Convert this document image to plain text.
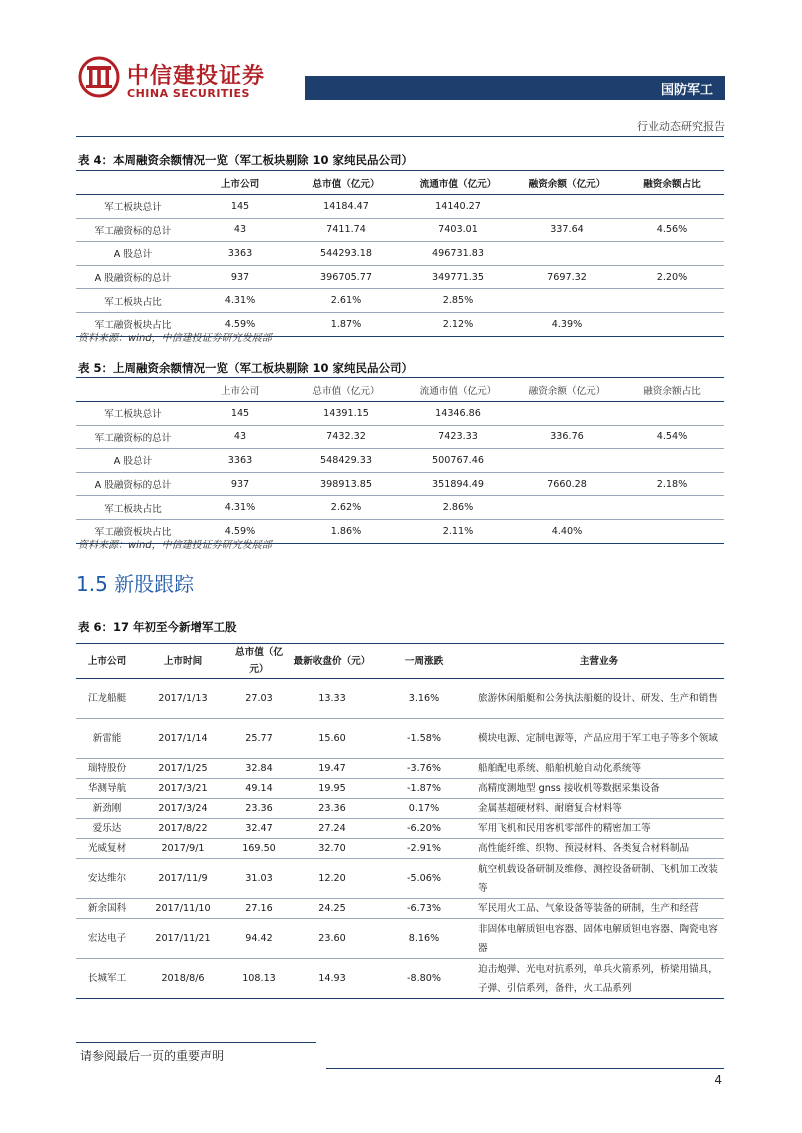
中信建投证券
CHINA SECURITIES	国防军工
行业动态研究报告
表 4：本周融资余额情况一览（军工板块剔除 10 家纯民品公司）
	上市公司	总市值（亿元）	流通市值（亿元）	融资余额（亿元）	融资余额占比
军工板块总计	145	14184.47	14140.27		
军工融资标的总计	43	7411.74	7403.01	337.64	4.56%
A 股总计	3363	544293.18	496731.83		
A 股融资标的总计	937	396705.77	349771.35	7697.32	2.20%
军工板块占比	4.31%	2.61%	2.85%		
军工融资板块占比	4.59%	1.87%	2.12%	4.39%	
资料来源：wind，中信建投证券研究发展部
表 5：上周融资余额情况一览（军工板块剔除 10 家纯民品公司）
	上市公司	总市值（亿元）	流通市值（亿元）	融资余额（亿元）	融资余额占比
军工板块总计	145	14391.15	14346.86		
军工融资标的总计	43	7432.32	7423.33	336.76	4.54%
A 股总计	3363	548429.33	500767.46		
A 股融资标的总计	937	398913.85	351894.49	7660.28	2.18%
军工板块占比	4.31%	2.62%	2.86%		
军工融资板块占比	4.59%	1.86%	2.11%	4.40%	
资料来源：wind，中信建投证券研究发展部
1.5 新股跟踪
表 6：17 年初至今新增军工股
上市公司	上市时间	总市值（亿元）	最新收盘价（元）	一周涨跌	主营业务
江龙船艇	2017/1/13	27.03	13.33	3.16%	旅游休闲船艇和公务执法船艇的设计、研发、生产和销售
新雷能	2017/1/14	25.77	15.60	-1.58%	模块电源、定制电源等，产品应用于军工电子等多个领域
瑞特股份	2017/1/25	32.84	19.47	-3.76%	船舶配电系统、船舶机舱自动化系统等
华测导航	2017/3/21	49.14	19.95	-1.87%	高精度测地型 gnss 接收机等数据采集设备
新劲刚	2017/3/24	23.36	23.36	0.17%	金属基超硬材料、耐磨复合材料等
爱乐达	2017/8/22	32.47	27.24	-6.20%	军用飞机和民用客机零部件的精密加工等
光威复材	2017/9/1	169.50	32.70	-2.91%	高性能纤维、织物、预浸材料、各类复合材料制品
安达维尔	2017/11/9	31.03	12.20	-5.06%	航空机载设备研制及维修、测控设备研制、飞机加工改装等
新余国科	2017/11/10	27.16	24.25	-6.73%	军民用火工品、气象设备等装备的研制，生产和经营
宏达电子	2017/11/21	94.42	23.60	8.16%	非固体电解质钽电容器、固体电解质钽电容器、陶瓷电容器
长城军工	2018/8/6	108.13	14.93	-8.80%	迫击炮弹、光电对抗系列，单兵火箭系列，桥梁用锚具，子弹、引信系列，备件，火工品系列
请参阅最后一页的重要声明
4
